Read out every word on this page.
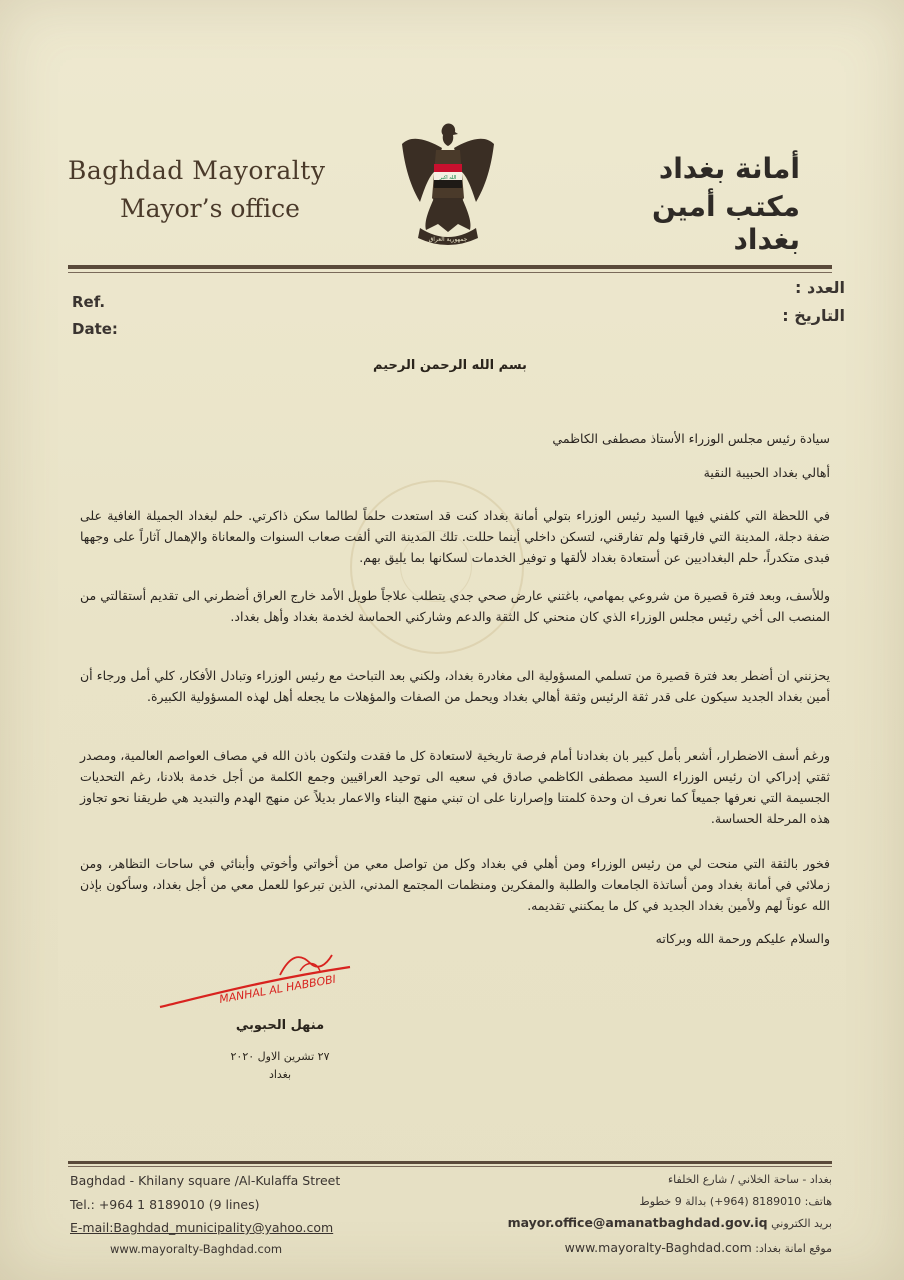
Baghdad Mayoralty
Mayor’s office
أمانة بغداد
مكتب أمين بغداد
الله اكبر
جمهورية العراق
Ref.
Date:
العدد :
التاريخ :
بسم الله الرحمن الرحيم
سيادة رئيس مجلس الوزراء الأستاذ مصطفى الكاظمي
أهالي بغداد الحبيبة النقية
في اللحظة التي كلفني فيها السيد رئيس الوزراء بتولي أمانة بغداد كنت قد استعدت حلماً لطالما سكن ذاكرتي. حلم لبغداد الجميلة الغافية على ضفة دجلة، المدينة التي فارقتها ولم تفارقني، لتسكن داخلي أينما حللت. تلك المدينة التي ألفت صعاب السنوات والمعاناة والإهمال آثاراً على وجهها فبدى متكدراً، حلم البغداديين عن أستعادة بغداد لألقها و توفير الخدمات لسكانها بما يليق بهم.
وللأسف، وبعد فترة قصيرة من شروعي بمهامي، باغتني عارض صحي جدي يتطلب علاجاً طويل الأمد خارج العراق أضطرني الى تقديم أستقالتي من المنصب الى أخي رئيس مجلس الوزراء الذي كان منحني كل الثقة والدعم وشاركني الحماسة لخدمة بغداد وأهل بغداد.
يحزنني ان أضطر بعد فترة قصيرة من تسلمي المسؤولية الى مغادرة بغداد، ولكني بعد التباحث مع رئيس الوزراء وتبادل الأفكار، كلي أمل ورجاء أن أمين بغداد الجديد سيكون على قدر ثقة الرئيس وثقة أهالي بغداد ويحمل من الصفات والمؤهلات ما يجعله أهل لهذه المسؤولية الكبيرة.
ورغم أسف الاضطرار، أشعر بأمل كبير بان بغدادنا أمام فرصة تاريخية لاستعادة كل ما فقدت ولتكون باذن الله في مصاف العواصم العالمية، ومصدر ثقتي إدراكي ان رئيس الوزراء السيد مصطفى الكاظمي صادق في سعيه الى توحيد العراقيين وجمع الكلمة من أجل خدمة بلادنا، رغم التحديات الجسيمة التي نعرفها جميعاً كما نعرف ان وحدة كلمتنا وإصرارنا على ان تبني منهج البناء والاعمار بديلاً عن منهج الهدم والتبديد هي طريقنا نحو تجاوز هذه المرحلة الحساسة.
فخور بالثقة التي منحت لي من رئيس الوزراء ومن أهلي في بغداد وكل من تواصل معي من أخواتي وأخوتي وأبنائي في ساحات التظاهر، ومن زملائي في أمانة بغداد ومن أساتذة الجامعات والطلبة والمفكرين ومنظمات المجتمع المدني، الذين تبرعوا للعمل معي من أجل بغداد، وسأكون بإذن الله عوناً لهم ولأمين بغداد الجديد في كل ما يمكنني تقديمه.
والسلام عليكم ورحمة الله وبركاته
MANHAL AL HABBOBI
منهل الحبوبي
٢٧ تشرين الاول ٢٠٢٠
بغداد
Baghdad - Khilany square /Al-Kulaffa Street
Tel.: +964 1 8189010 (9 lines)
E-mail:Baghdad_municipality@yahoo.com
www.mayoralty-Baghdad.com
بغداد - ساحة الخلاني / شارع الخلفاء
هاتف: 8189010 (964+) بدالة 9 خطوط
بريد الكتروني mayor.office@amanatbaghdad.gov.iq
موقع امانة بغداد: www.mayoralty-Baghdad.com
